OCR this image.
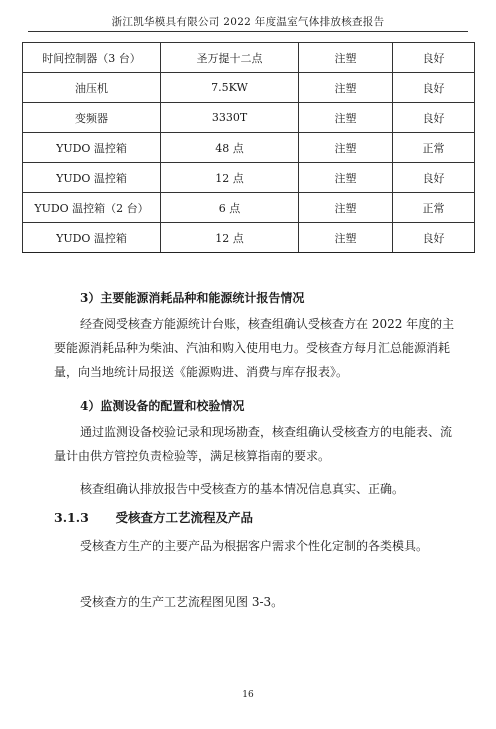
浙江凯华模具有限公司 2022 年度温室气体排放核查报告
时间控制器（3 台）	圣万提十二点	注塑	良好
油压机	7.5KW	注塑	良好
变频器	3330T	注塑	良好
YUDO 温控箱	48 点	注塑	正常
YUDO 温控箱	12 点	注塑	良好
YUDO 温控箱（2 台）	6 点	注塑	正常
YUDO 温控箱	12 点	注塑	良好
3）主要能源消耗品种和能源统计报告情况
经查阅受核查方能源统计台账，核查组确认受核查方在 2022 年度的主要能源消耗品种为柴油、汽油和购入使用电力。受核查方每月汇总能源消耗量，向当地统计局报送《能源购进、消费与库存报表》。
4）监测设备的配置和校验情况
通过监测设备校验记录和现场勘查，核查组确认受核查方的电能表、流量计由供方管控负责检验等，满足核算指南的要求。
核查组确认排放报告中受核查方的基本情况信息真实、正确。
3.1.3 受核查方工艺流程及产品
受核查方生产的主要产品为根据客户需求个性化定制的各类模具。
受核查方的生产工艺流程图见图 3-3。
16
